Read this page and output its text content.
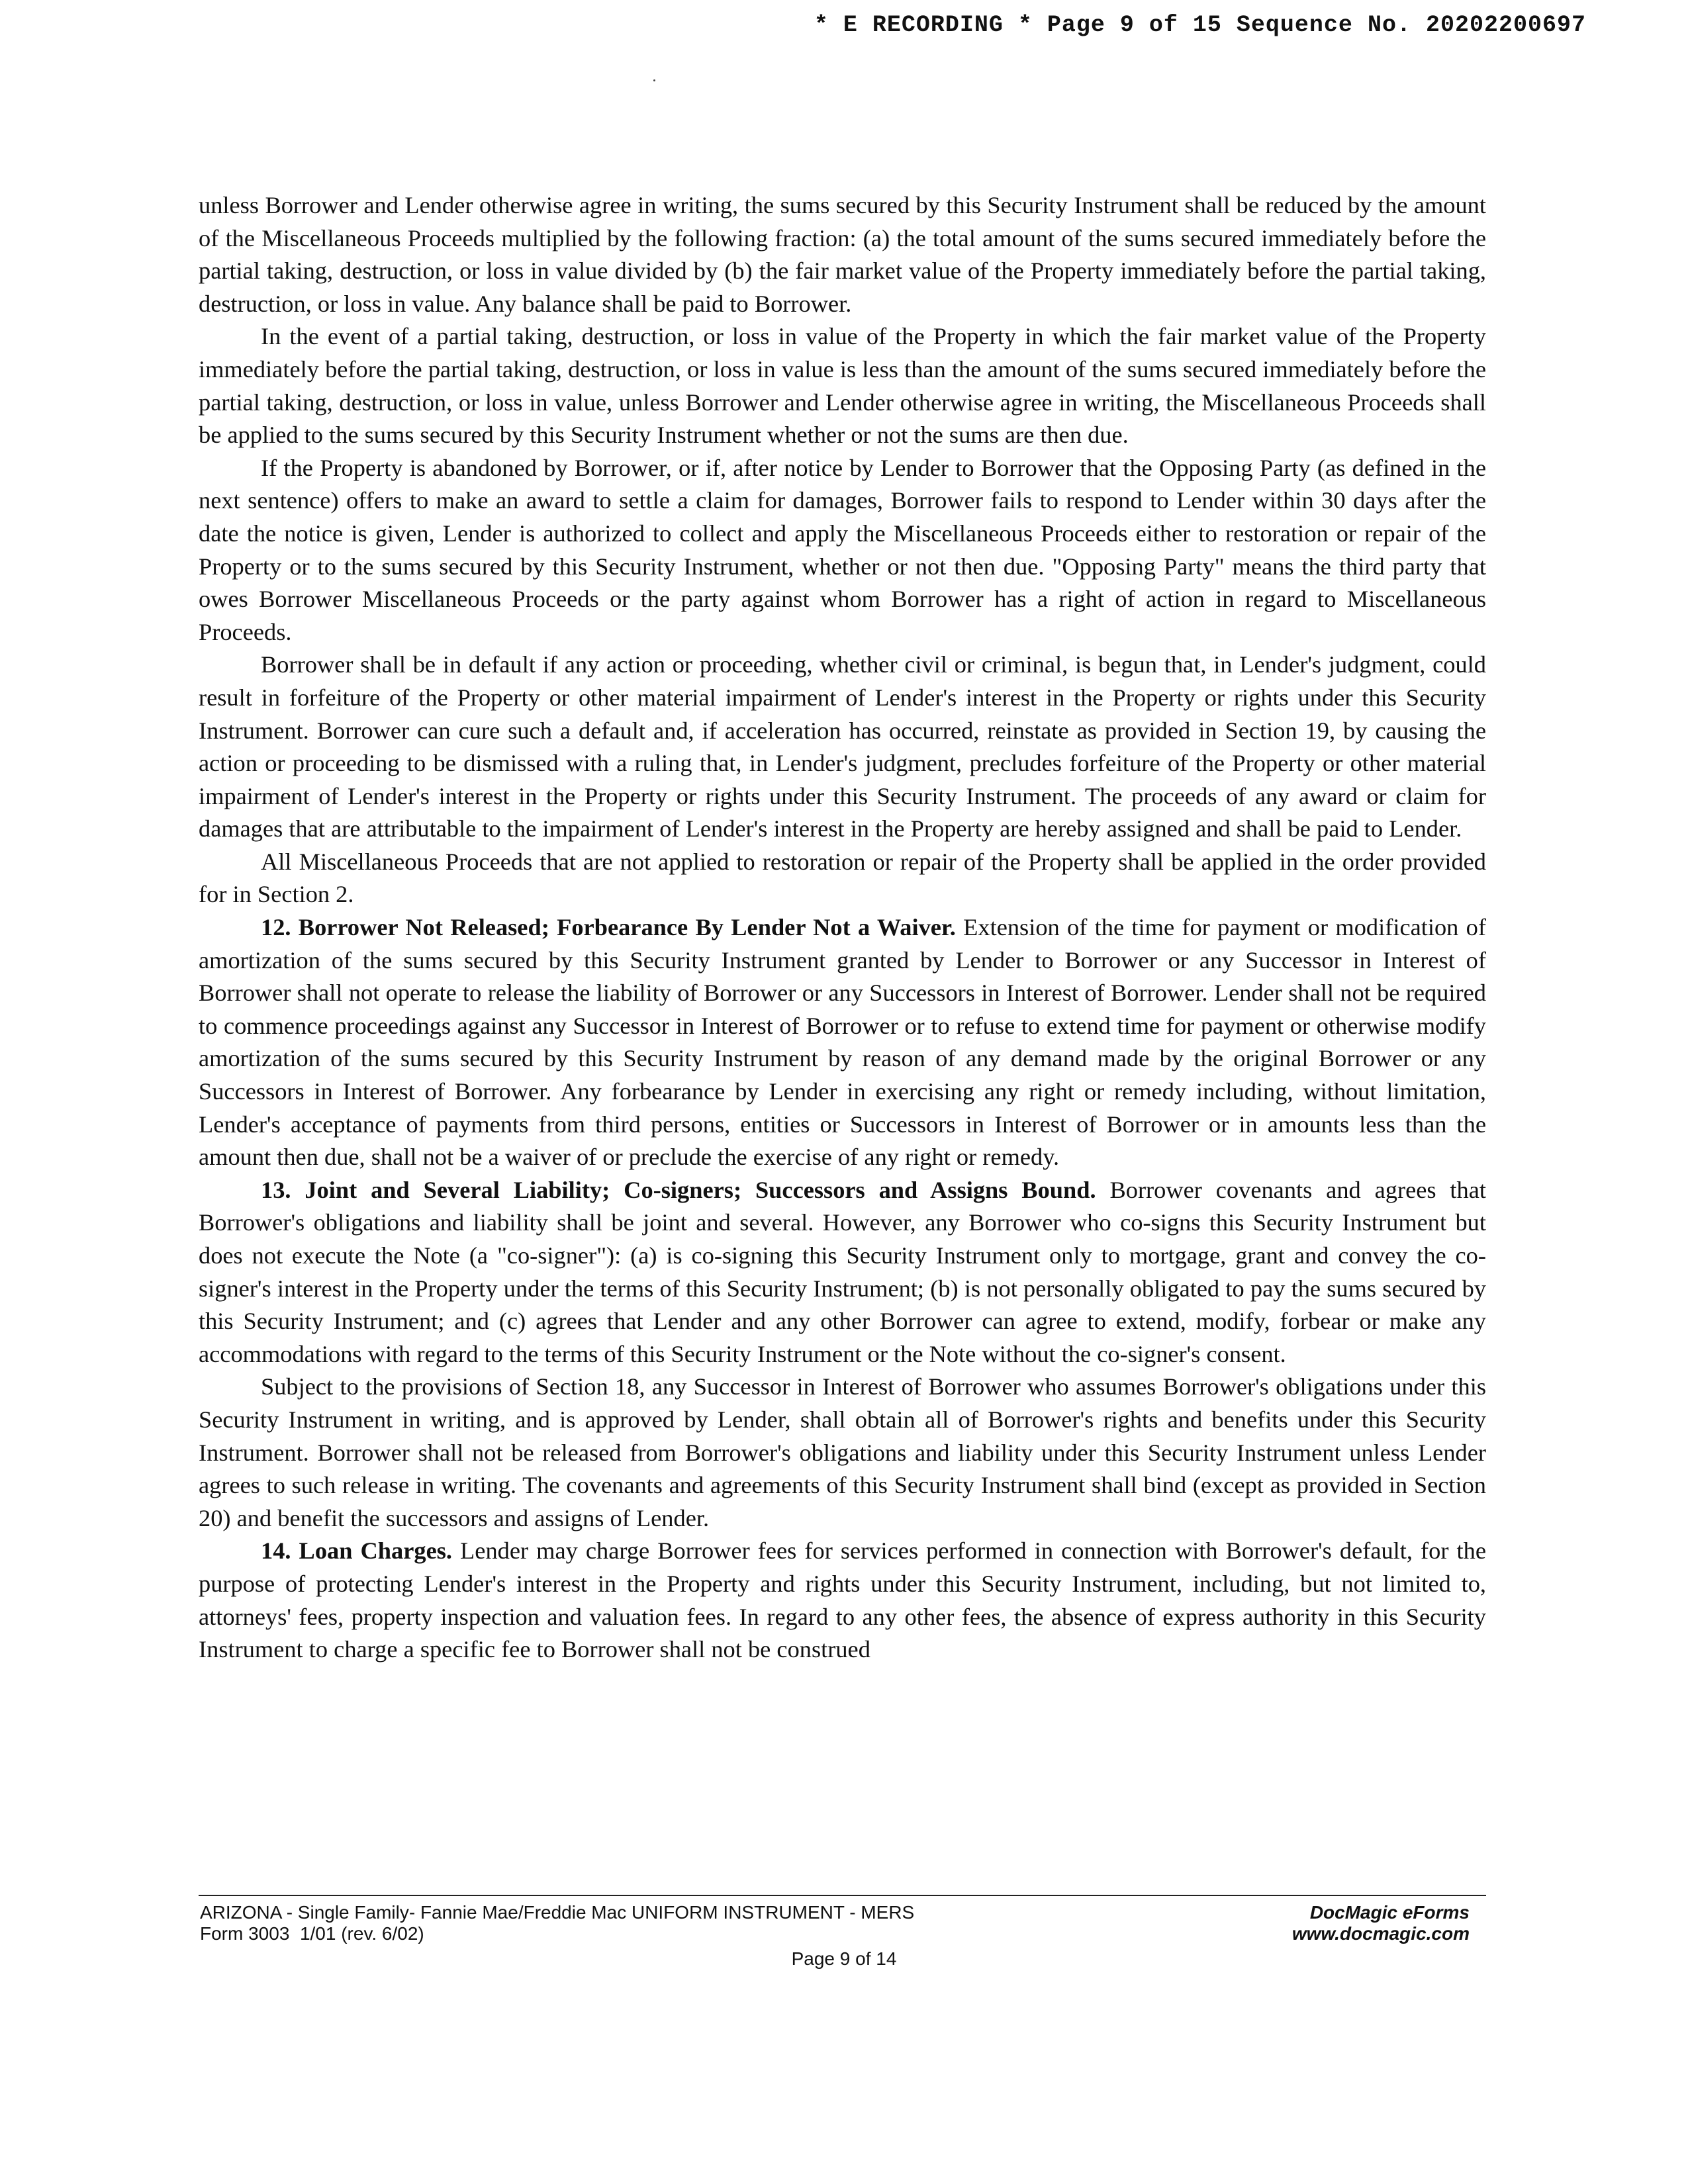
* E RECORDING * Page 9 of 15 Sequence No. 20202200697

unless Borrower and Lender otherwise agree in writing, the sums secured by this Security Instrument shall be reduced by the amount of the Miscellaneous Proceeds multiplied by the following fraction: (a) the total amount of the sums secured immediately before the partial taking, destruction, or loss in value divided by (b) the fair market value of the Property immediately before the partial taking, destruction, or loss in value. Any balance shall be paid to Borrower.

In the event of a partial taking, destruction, or loss in value of the Property in which the fair market value of the Property immediately before the partial taking, destruction, or loss in value is less than the amount of the sums secured immediately before the partial taking, destruction, or loss in value, unless Borrower and Lender otherwise agree in writing, the Miscellaneous Proceeds shall be applied to the sums secured by this Security Instrument whether or not the sums are then due.

If the Property is abandoned by Borrower, or if, after notice by Lender to Borrower that the Opposing Party (as defined in the next sentence) offers to make an award to settle a claim for damages, Borrower fails to respond to Lender within 30 days after the date the notice is given, Lender is authorized to collect and apply the Miscellaneous Proceeds either to restoration or repair of the Property or to the sums secured by this Security Instrument, whether or not then due. "Opposing Party" means the third party that owes Borrower Miscellaneous Proceeds or the party against whom Borrower has a right of action in regard to Miscellaneous Proceeds.

Borrower shall be in default if any action or proceeding, whether civil or criminal, is begun that, in Lender's judgment, could result in forfeiture of the Property or other material impairment of Lender's interest in the Property or rights under this Security Instrument. Borrower can cure such a default and, if acceleration has occurred, reinstate as provided in Section 19, by causing the action or proceeding to be dismissed with a ruling that, in Lender's judgment, precludes forfeiture of the Property or other material impairment of Lender's interest in the Property or rights under this Security Instrument. The proceeds of any award or claim for damages that are attributable to the impairment of Lender's interest in the Property are hereby assigned and shall be paid to Lender.

All Miscellaneous Proceeds that are not applied to restoration or repair of the Property shall be applied in the order provided for in Section 2.

12. Borrower Not Released; Forbearance By Lender Not a Waiver. Extension of the time for payment or modification of amortization of the sums secured by this Security Instrument granted by Lender to Borrower or any Successor in Interest of Borrower shall not operate to release the liability of Borrower or any Successors in Interest of Borrower. Lender shall not be required to commence proceedings against any Successor in Interest of Borrower or to refuse to extend time for payment or otherwise modify amortization of the sums secured by this Security Instrument by reason of any demand made by the original Borrower or any Successors in Interest of Borrower. Any forbearance by Lender in exercising any right or remedy including, without limitation, Lender's acceptance of payments from third persons, entities or Successors in Interest of Borrower or in amounts less than the amount then due, shall not be a waiver of or preclude the exercise of any right or remedy.

13. Joint and Several Liability; Co-signers; Successors and Assigns Bound. Borrower covenants and agrees that Borrower's obligations and liability shall be joint and several. However, any Borrower who co-signs this Security Instrument but does not execute the Note (a "co-signer"): (a) is co-signing this Security Instrument only to mortgage, grant and convey the co-signer's interest in the Property under the terms of this Security Instrument; (b) is not personally obligated to pay the sums secured by this Security Instrument; and (c) agrees that Lender and any other Borrower can agree to extend, modify, forbear or make any accommodations with regard to the terms of this Security Instrument or the Note without the co-signer's consent.

Subject to the provisions of Section 18, any Successor in Interest of Borrower who assumes Borrower's obligations under this Security Instrument in writing, and is approved by Lender, shall obtain all of Borrower's rights and benefits under this Security Instrument. Borrower shall not be released from Borrower's obligations and liability under this Security Instrument unless Lender agrees to such release in writing. The covenants and agreements of this Security Instrument shall bind (except as provided in Section 20) and benefit the successors and assigns of Lender.

14. Loan Charges. Lender may charge Borrower fees for services performed in connection with Borrower's default, for the purpose of protecting Lender's interest in the Property and rights under this Security Instrument, including, but not limited to, attorneys' fees, property inspection and valuation fees. In regard to any other fees, the absence of express authority in this Security Instrument to charge a specific fee to Borrower shall not be construed

ARIZONA - Single Family- Fannie Mae/Freddie Mac UNIFORM INSTRUMENT - MERS
Form 3003  1/01 (rev. 6/02)
DocMagic eForms
www.docmagic.com
Page 9 of 14
